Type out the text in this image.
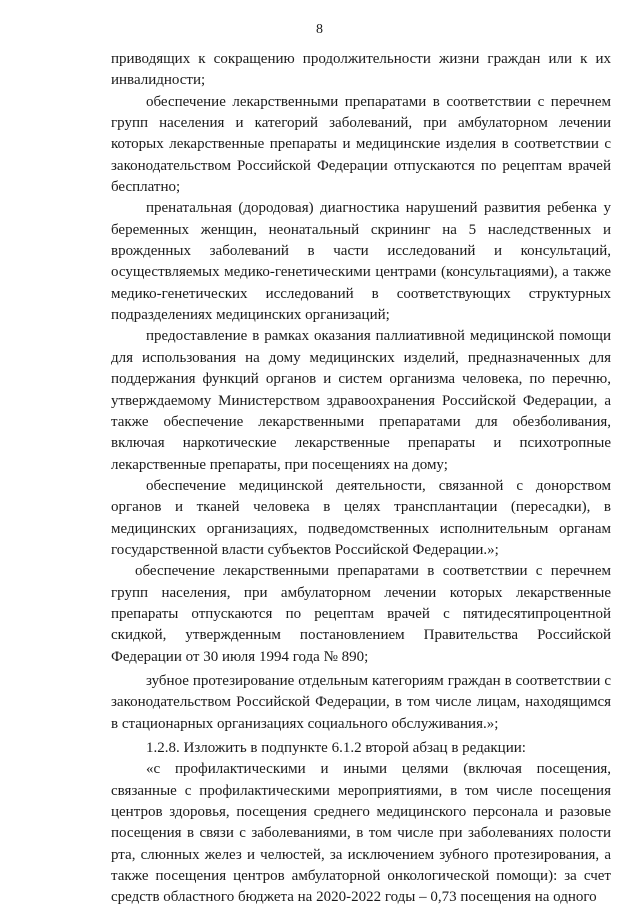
8

приводящих к сокращению продолжительности жизни граждан или к их инвалидности;

обеспечение лекарственными препаратами в соответствии с перечнем групп населения и категорий заболеваний, при амбулаторном лечении которых лекарственные препараты и медицинские изделия в соответствии с законодательством Российской Федерации отпускаются по рецептам врачей бесплатно;

пренатальная (дородовая) диагностика нарушений развития ребенка у беременных женщин, неонатальный скрининг на 5 наследственных и врожденных заболеваний в части исследований и консультаций, осуществляемых медико-генетическими центрами (консультациями), а также медико-генетических исследований в соответствующих структурных подразделениях медицинских организаций;

предоставление в рамках оказания паллиативной медицинской помощи для использования на дому медицинских изделий, предназначенных для поддержания функций органов и систем организма человека, по перечню, утверждаемому Министерством здравоохранения Российской Федерации, а также обеспечение лекарственными препаратами для обезболивания, включая наркотические лекарственные препараты и психотропные лекарственные препараты, при посещениях на дому;

обеспечение медицинской деятельности, связанной с донорством органов и тканей человека в целях трансплантации (пересадки), в медицинских организациях, подведомственных исполнительным органам государственной власти субъектов Российской Федерации.»;

обеспечение лекарственными препаратами в соответствии с перечнем групп населения, при амбулаторном лечении которых лекарственные препараты отпускаются по рецептам врачей с пятидесятипроцентной скидкой, утвержденным постановлением Правительства Российской Федерации от 30 июля 1994 года № 890;

зубное протезирование отдельным категориям граждан в соответствии с законодательством Российской Федерации, в том числе лицам, находящимся в стационарных организациях социального обслуживания.»;

1.2.8. Изложить в подпункте 6.1.2 второй абзац в редакции:

«с профилактическими и иными целями (включая посещения, связанные с профилактическими мероприятиями, в том числе посещения центров здоровья, посещения среднего медицинского персонала и разовые посещения в связи с заболеваниями, в том числе при заболеваниях полости рта, слюнных желез и челюстей, за исключением зубного протезирования, а также посещения центров амбулаторной онкологической помощи): за счет средств областного бюджета на 2020-2022 годы – 0,73 посещения на одного
